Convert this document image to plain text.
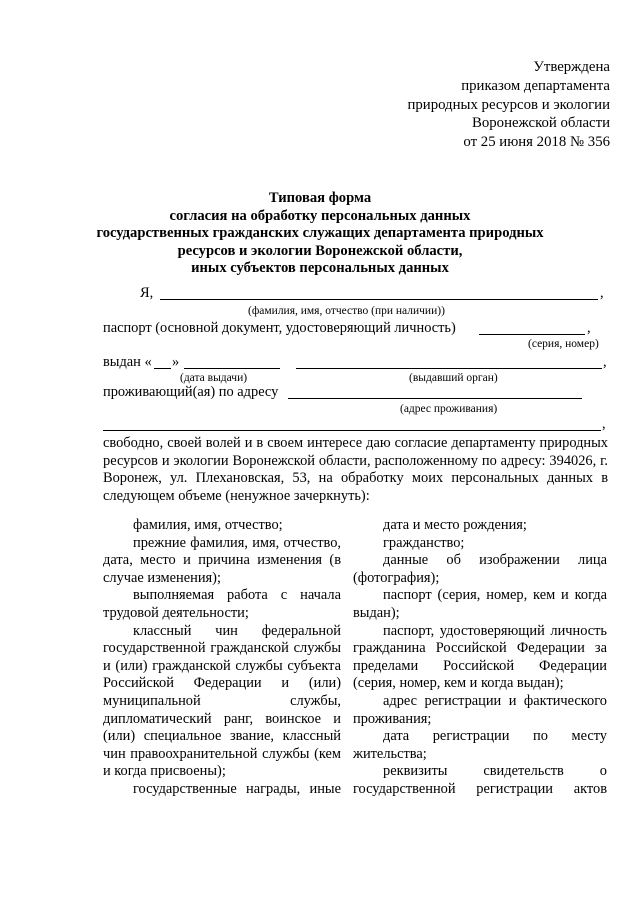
Утверждена
приказом департамента
природных ресурсов и экологии
Воронежской области
от 25 июня 2018 № 356
Типовая форма
согласия на обработку персональных данных
государственных гражданских служащих департамента природных
ресурсов и экологии Воронежской области,
иных субъектов персональных данных
Я,	,
(фамилия, имя, отчество (при наличии))
паспорт (основной документ, удостоверяющий личность)	,
(серия, номер)
выдан « »	,
(дата выдачи)	(выдавший орган)
проживающий(ая) по адресу
(адрес проживания)
,
свободно, своей волей и в своем интересе даю согласие департаменту природных ресурсов и экологии Воронежской области, расположенному по адресу: 394026, г. Воронеж, ул. Плехановская, 53, на обработку моих персональных данных в следующем объеме (ненужное зачеркнуть):

фамилия, имя, отчество;

прежние фамилия, имя, отчество, дата, место и причина изменения (в случае изменения);

выполняемая работа с начала трудовой деятельности;

классный чин федеральной государственной гражданской службы и (или) гражданской службы субъекта Российской Федерации и (или) муниципальной службы, дипломатический ранг, воинское и (или) специальное звание, классный чин правоохранительной службы (кем и когда присвоены);

государственные награды, иные

дата и место рождения;

гражданство;

данные об изображении лица (фотография);

паспорт (серия, номер, кем и когда выдан);

паспорт, удостоверяющий личность гражданина Российской Федерации за пределами Российской Федерации (серия, номер, кем и когда выдан);

адрес регистрации и фактического проживания;

дата регистрации по месту жительства;

реквизиты свидетельств о государственной регистрации актов
